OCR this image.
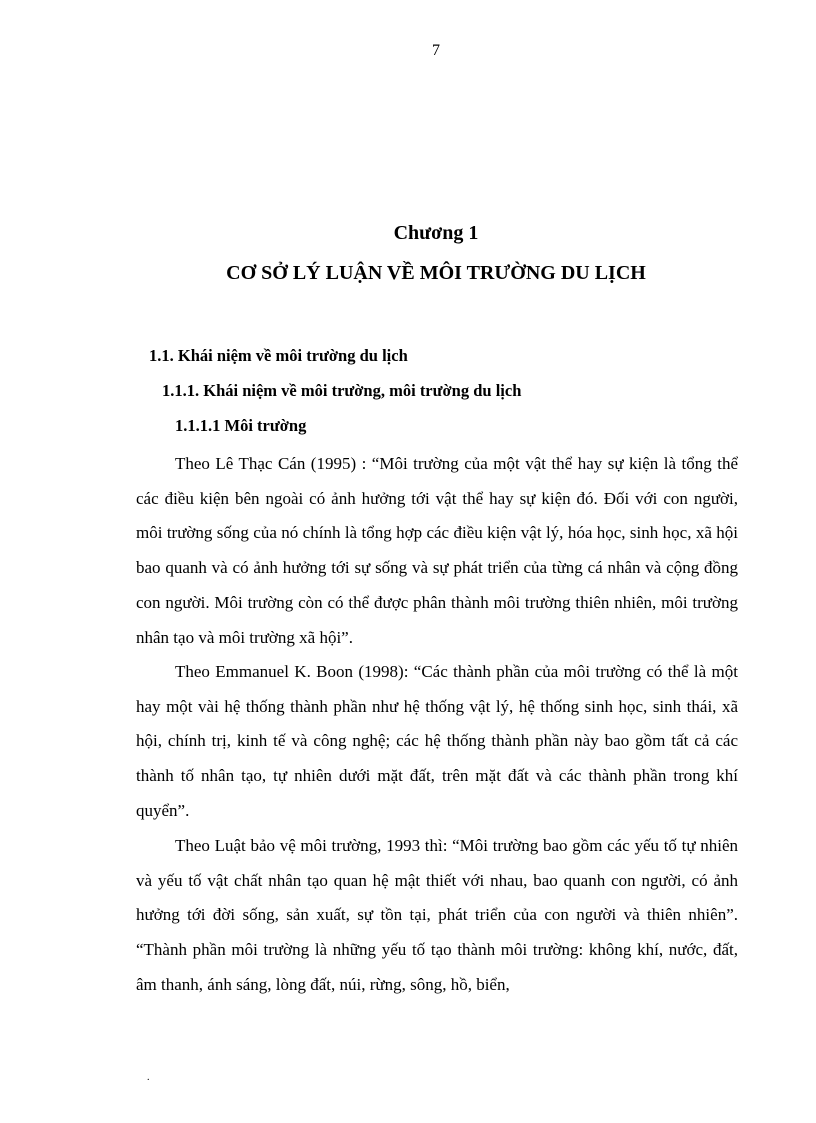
7
Chương 1
CƠ SỞ LÝ LUẬN VỀ MÔI TRƯỜNG DU LỊCH
1.1. Khái niệm về môi trường du lịch
1.1.1. Khái niệm về môi trường, môi trường du lịch
1.1.1.1 Môi trường

Theo Lê Thạc Cán (1995) : “Môi trường của một vật thể hay sự kiện là tổng thể các điều kiện bên ngoài có ảnh hưởng tới vật thể hay sự kiện đó. Đối với con người, môi trường sống của nó chính là tổng hợp các điều kiện vật lý, hóa học, sinh học, xã hội bao quanh và có ảnh hưởng tới sự sống và sự phát triển của từng cá nhân và cộng đồng con người. Môi trường còn có thể được phân thành môi trường thiên nhiên, môi trường nhân tạo và môi trường xã hội”.

Theo Emmanuel K. Boon (1998): “Các thành phần của môi trường có thể là một hay một vài hệ thống thành phần như hệ thống vật lý, hệ thống sinh học, sinh thái, xã hội, chính trị, kinh tế và công nghệ; các hệ thống thành phần này bao gồm tất cả các thành tố nhân tạo, tự nhiên dưới mặt đất, trên mặt đất và các thành phần trong khí quyển”.

Theo Luật bảo vệ môi trường, 1993 thì: “Môi trường bao gồm các yếu tố tự nhiên và yếu tố vật chất nhân tạo quan hệ mật thiết với nhau, bao quanh con người, có ảnh hưởng tới đời sống, sản xuất, sự tồn tại, phát triển của con người và thiên nhiên”. “Thành phần môi trường là những yếu tố tạo thành môi trường: không khí, nước, đất, âm thanh, ánh sáng, lòng đất, núi, rừng, sông, hồ, biển,

.
